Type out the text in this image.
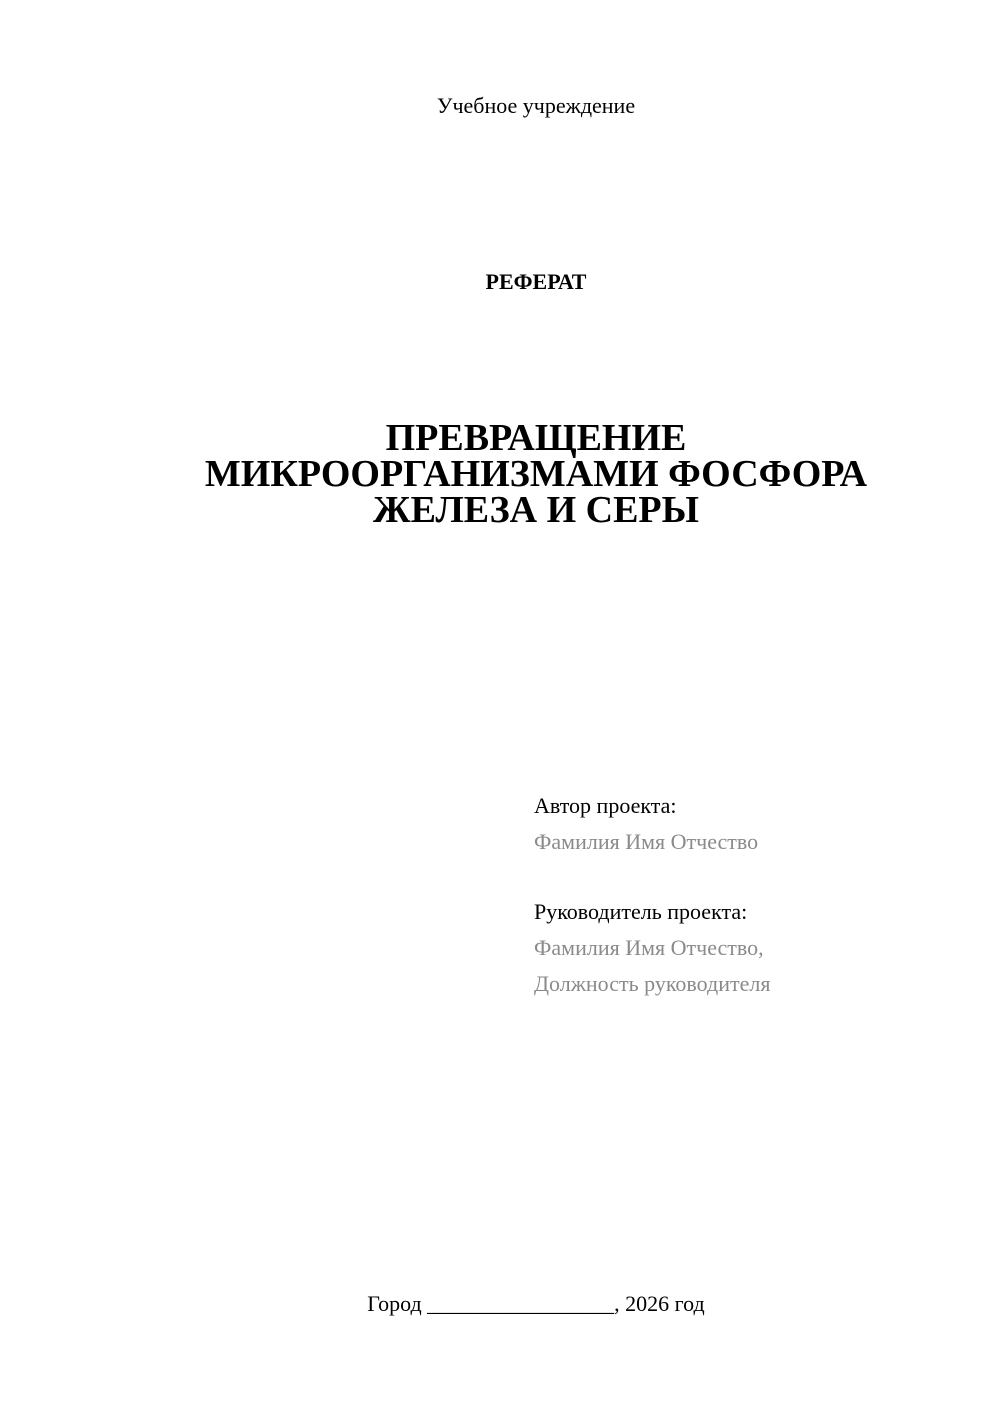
Учебное учреждение
РЕФЕРАТ
ПРЕВРАЩЕНИЕ
МИКРООРГАНИЗМАМИ ФОСФОРА
ЖЕЛЕЗА И СЕРЫ
Автор проекта:
Фамилия Имя Отчество
Руководитель проекта:
Фамилия Имя Отчество,
Должность руководителя
Город _________________, 2026 год
